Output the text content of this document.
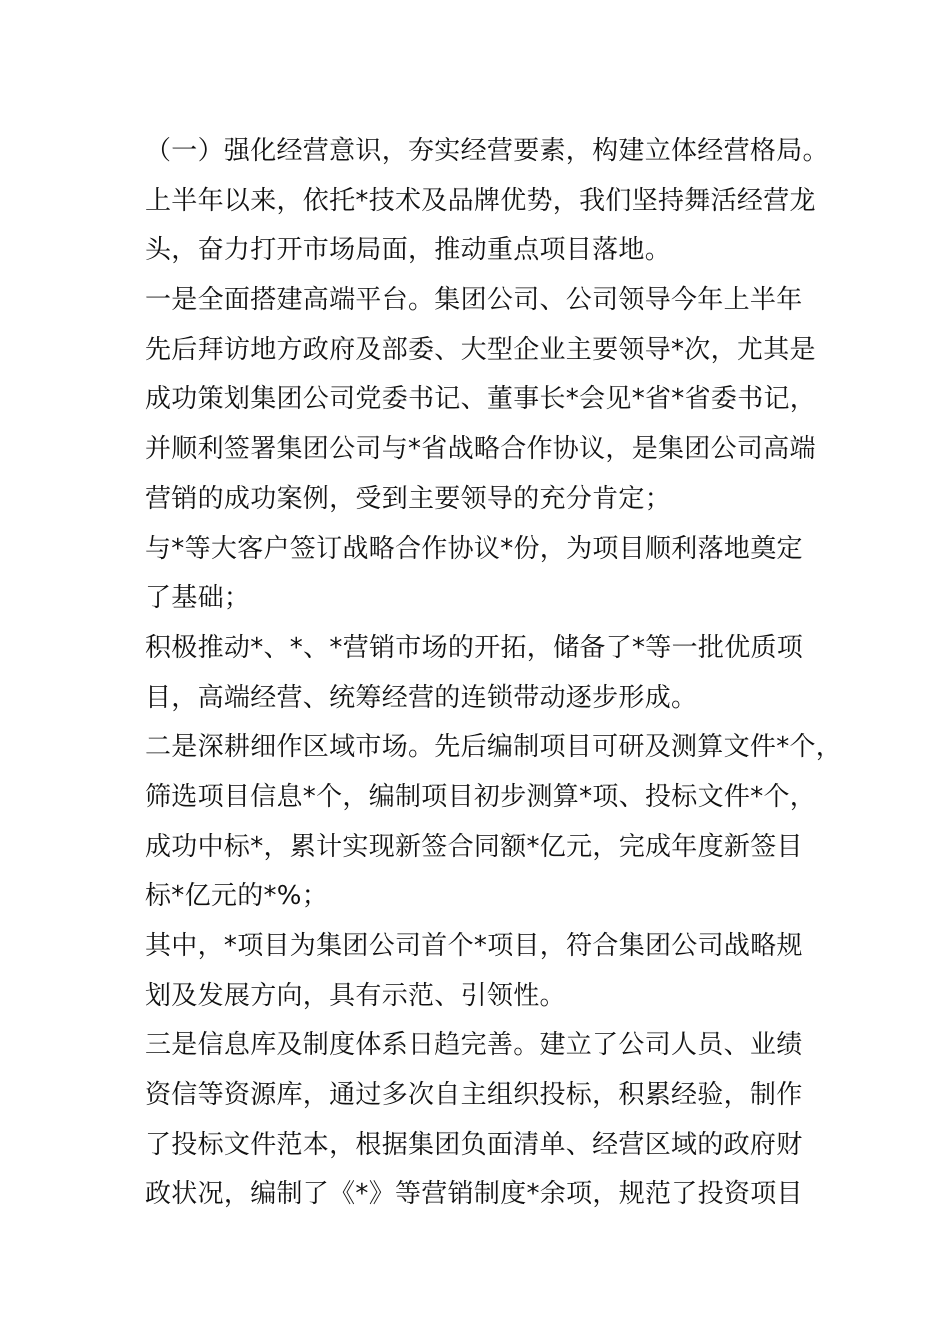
（一）强化经营意识，夯实经营要素，构建立体经营格局。
上半年以来，依托*技术及品牌优势，我们坚持舞活经营龙
头，奋力打开市场局面，推动重点项目落地。
一是全面搭建高端平台。集团公司、公司领导今年上半年
先后拜访地方政府及部委、大型企业主要领导*次，尤其是
成功策划集团公司党委书记、董事长*会见*省*省委书记，
并顺利签署集团公司与*省战略合作协议，是集团公司高端
营销的成功案例，受到主要领导的充分肯定；
与*等大客户签订战略合作协议*份，为项目顺利落地奠定
了基础；
积极推动*、*、*营销市场的开拓，储备了*等一批优质项
目，高端经营、统筹经营的连锁带动逐步形成。
二是深耕细作区域市场。先后编制项目可研及测算文件*个，
筛选项目信息*个，编制项目初步测算*项、投标文件*个，
成功中标*，累计实现新签合同额*亿元，完成年度新签目
标*亿元的*%；
其中，*项目为集团公司首个*项目，符合集团公司战略规
划及发展方向，具有示范、引领性。
三是信息库及制度体系日趋完善。建立了公司人员、业绩
资信等资源库，通过多次自主组织投标，积累经验，制作
了投标文件范本，根据集团负面清单、经营区域的政府财
政状况，编制了《*》等营销制度*余项，规范了投资项目
